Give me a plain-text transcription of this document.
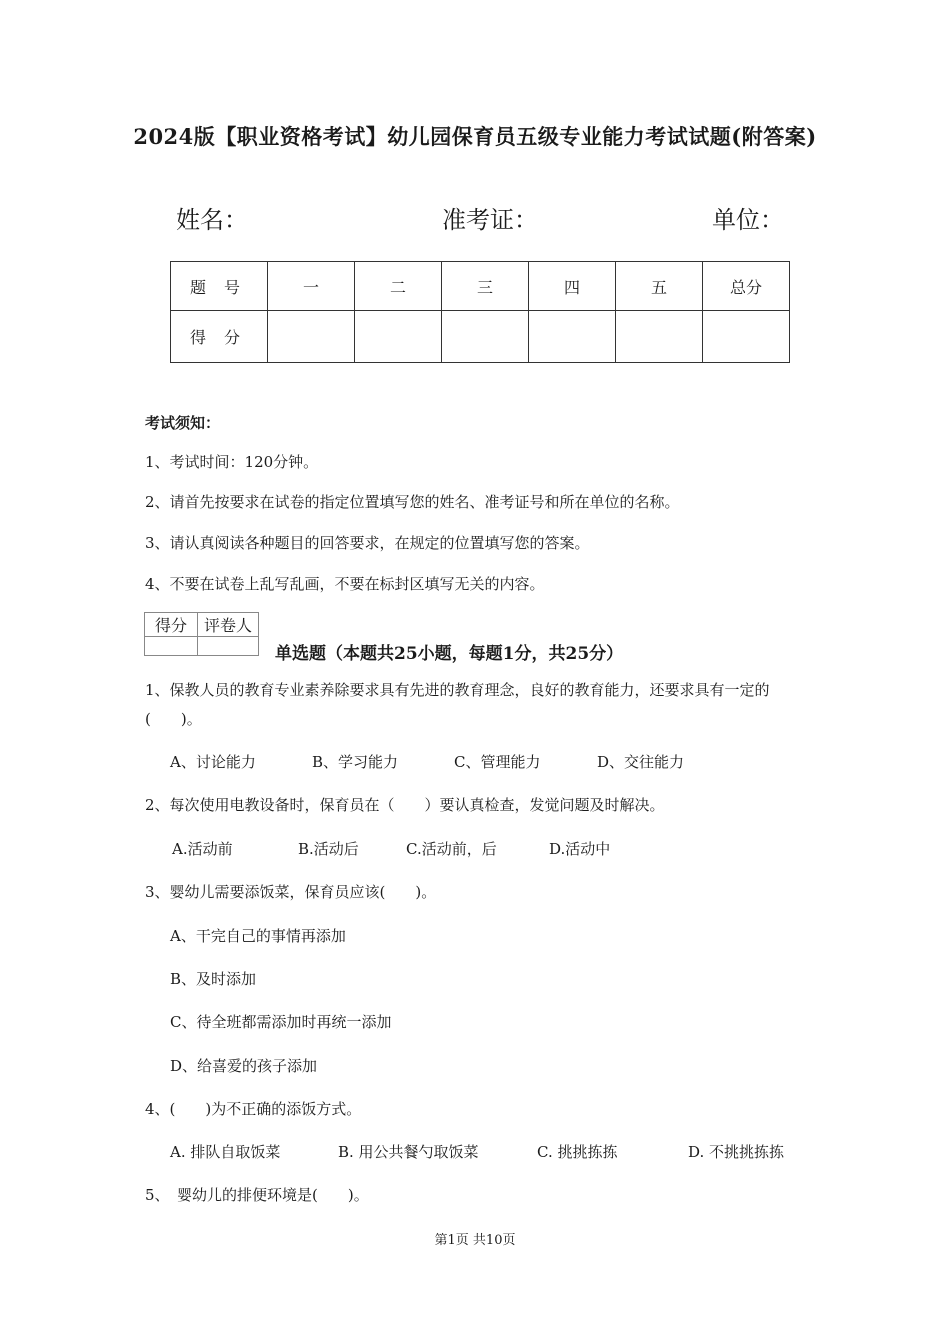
2024版【职业资格考试】幼儿园保育员五级专业能力考试试题(附答案)
姓名：	准考证：	单位：
题号	一	二	三	四	五	总分
得分						
考试须知：
1、考试时间：120分钟。
2、请首先按要求在试卷的指定位置填写您的姓名、准考证号和所在单位的名称。
3、请认真阅读各种题目的回答要求，在规定的位置填写您的答案。
4、不要在试卷上乱写乱画，不要在标封区填写无关的内容。
得分	评卷人

单选题（本题共25小题，每题1分，共25分）
1、保教人员的教育专业素养除要求具有先进的教育理念，良好的教育能力，还要求具有一定的(　　)。
A、讨论能力	B、学习能力	C、管理能力	D、交往能力
2、每次使用电教设备时，保育员在（　　）要认真检查，发觉问题及时解决。
A.活动前	B.活动后	C.活动前，后	D.活动中
3、婴幼儿需要添饭菜，保育员应该(　　)。
A、干完自己的事情再添加
B、及时添加
C、待全班都需添加时再统一添加
D、给喜爱的孩子添加
4、(　　)为不正确的添饭方式。
A. 排队自取饭菜	B. 用公共餐勺取饭菜	C. 挑挑拣拣	D. 不挑挑拣拣
5、　婴幼儿的排便环境是(　　)。
第1页 共10页
